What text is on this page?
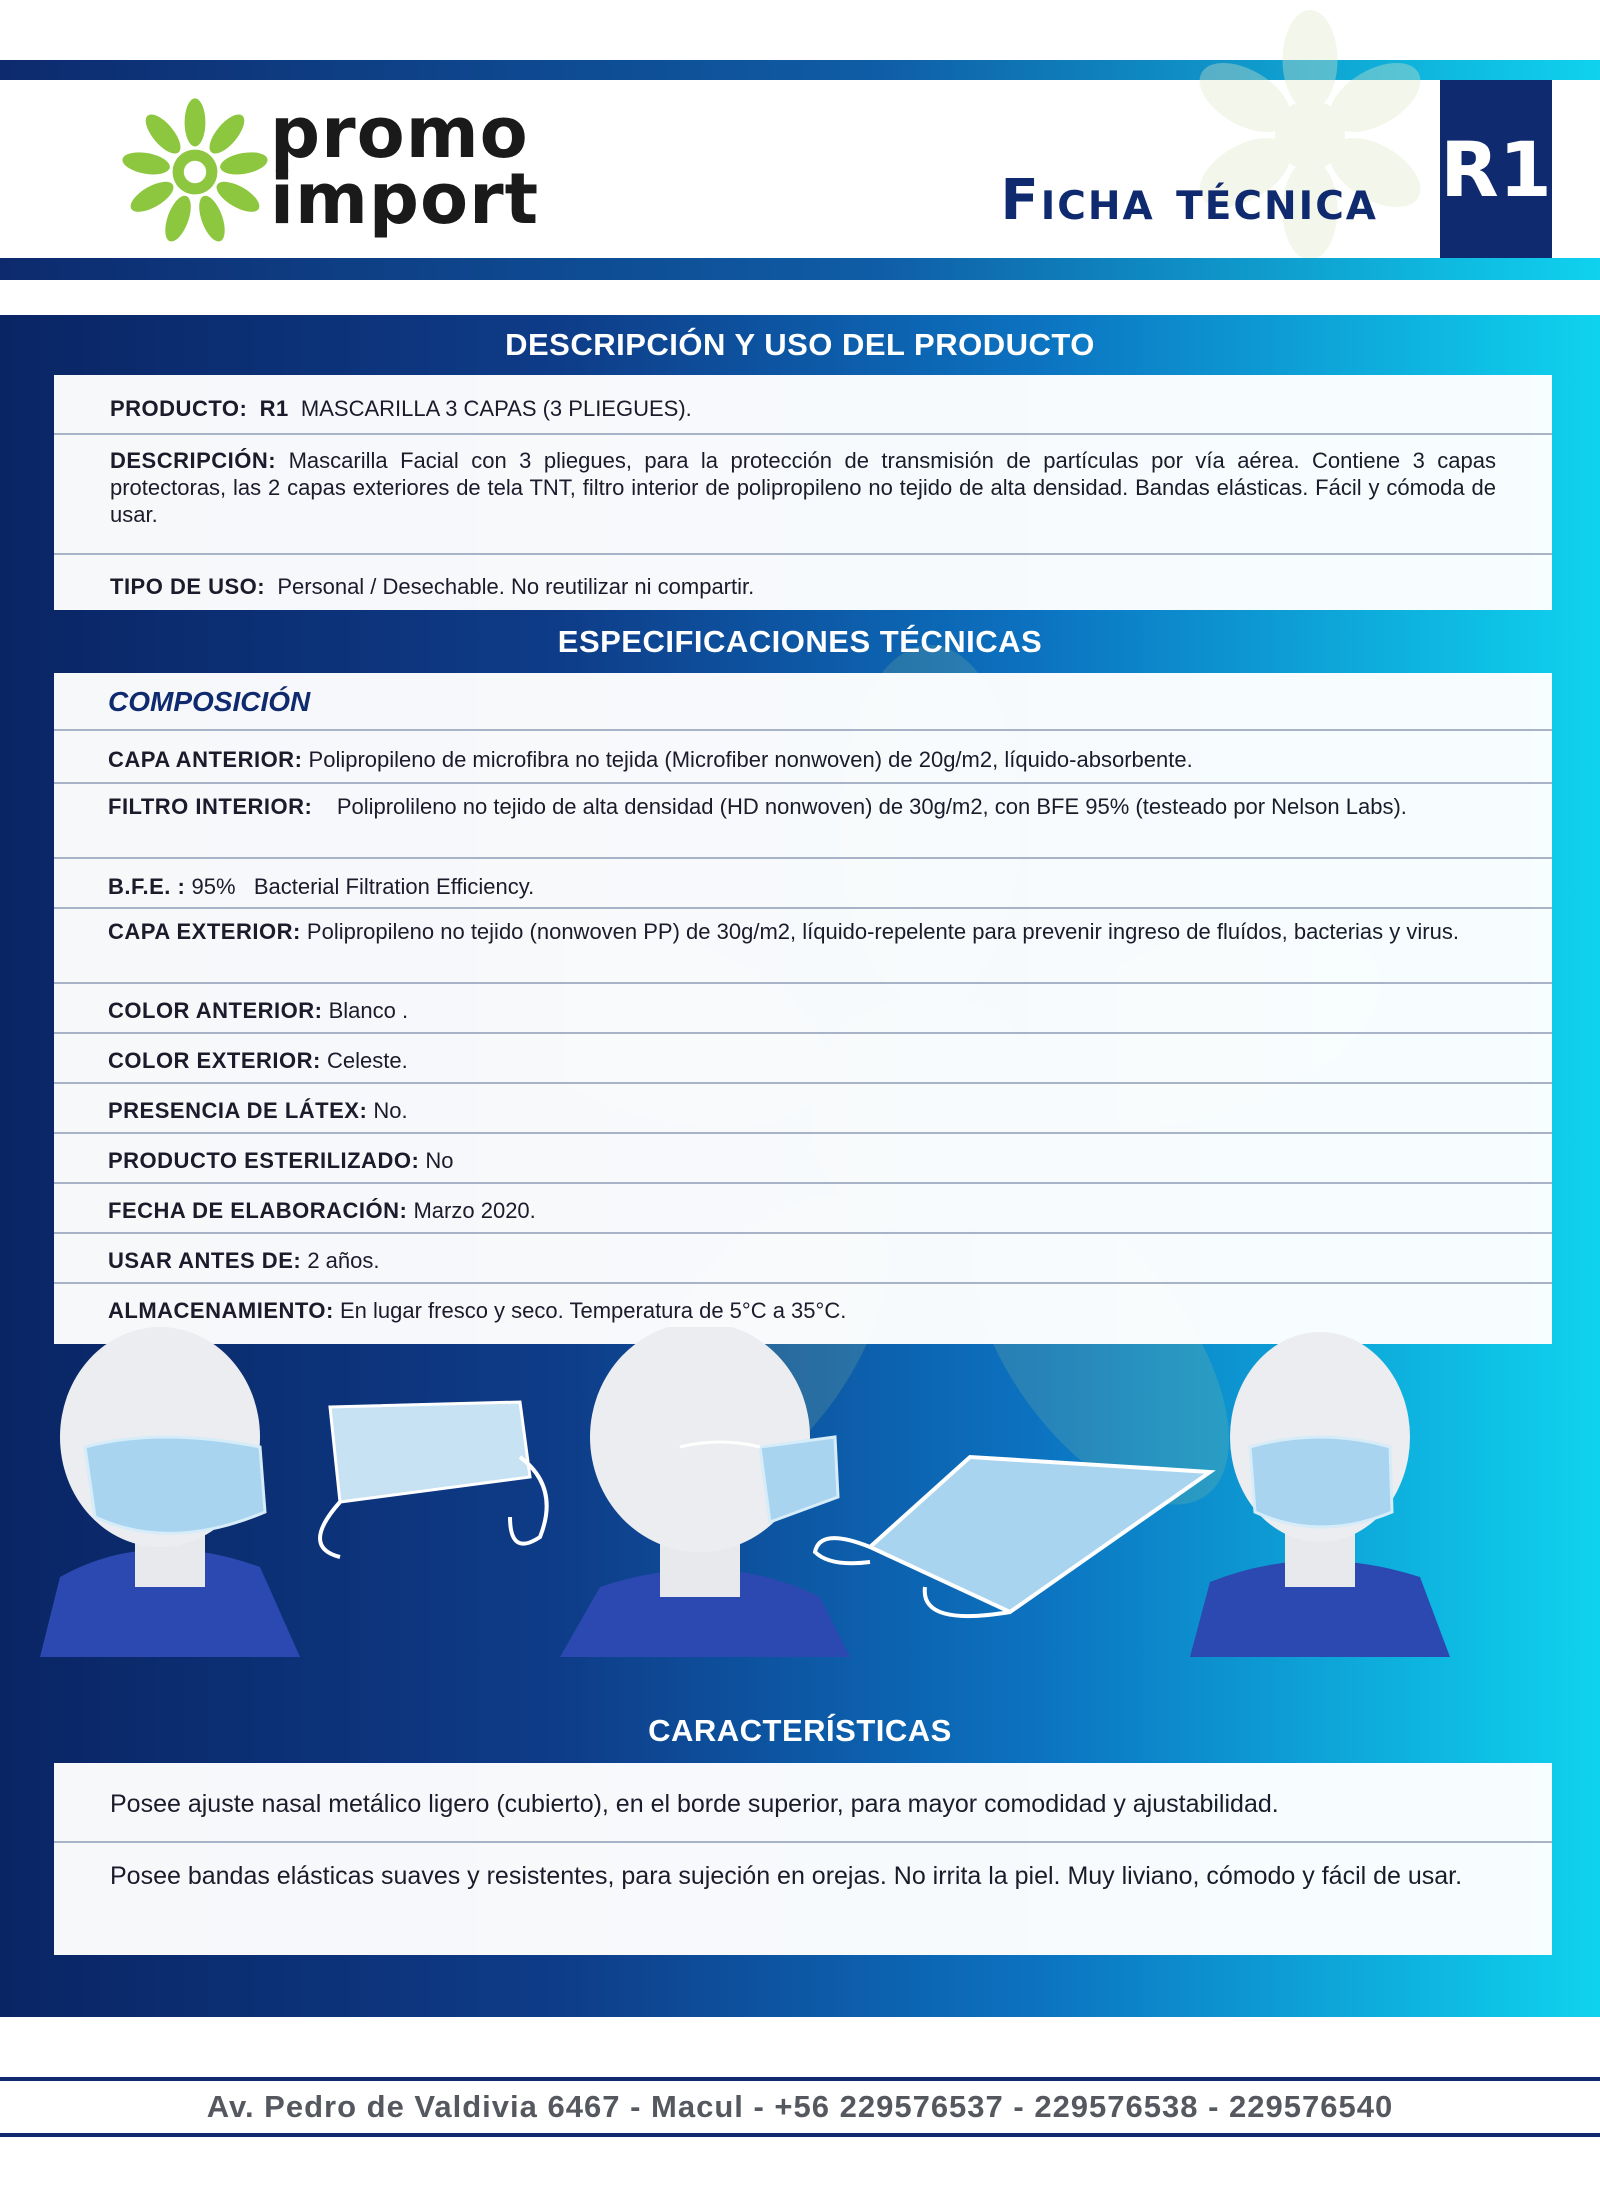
promo
import	Ficha técnica R1
DESCRIPCIÓN Y USO DEL PRODUCTO
PRODUCTO: R1 MASCARILLA 3 CAPAS (3 PLIEGUES).
DESCRIPCIÓN: Mascarilla Facial con 3 pliegues, para la protección de transmisión de partículas por vía aérea. Contiene 3 capas protectoras, las 2 capas exteriores de tela TNT, filtro interior de polipropileno no tejido de alta densidad. Bandas elásticas. Fácil y cómoda de usar.
TIPO DE USO: Personal / Desechable. No reutilizar ni compartir.
ESPECIFICACIONES TÉCNICAS
COMPOSICIÓN
CAPA ANTERIOR: Polipropileno de microfibra no tejida (Microfiber nonwoven) de 20g/m2, líquido-absorbente.
FILTRO INTERIOR: Poliprolileno no tejido de alta densidad (HD nonwoven) de 30g/m2, con BFE 95% (testeado por Nelson Labs).
B.F.E. : 95%   Bacterial Filtration Efficiency.
CAPA EXTERIOR: Polipropileno no tejido (nonwoven PP) de 30g/m2, líquido-repelente para prevenir ingreso de fluídos, bacterias y virus.
COLOR ANTERIOR: Blanco .
COLOR EXTERIOR: Celeste.
PRESENCIA DE LÁTEX: No.
PRODUCTO ESTERILIZADO: No
FECHA DE ELABORACIÓN: Marzo 2020.
USAR ANTES DE: 2 años.
ALMACENAMIENTO: En lugar fresco y seco. Temperatura de 5°C a 35°C.
CARACTERÍSTICAS
Posee ajuste nasal metálico ligero (cubierto), en el borde superior, para mayor comodidad y ajustabilidad.
Posee bandas elásticas suaves y resistentes, para sujeción en orejas. No irrita la piel. Muy liviano, cómodo y fácil de usar.
Av. Pedro de Valdivia 6467 - Macul - +56 229576537 - 229576538 - 229576540
